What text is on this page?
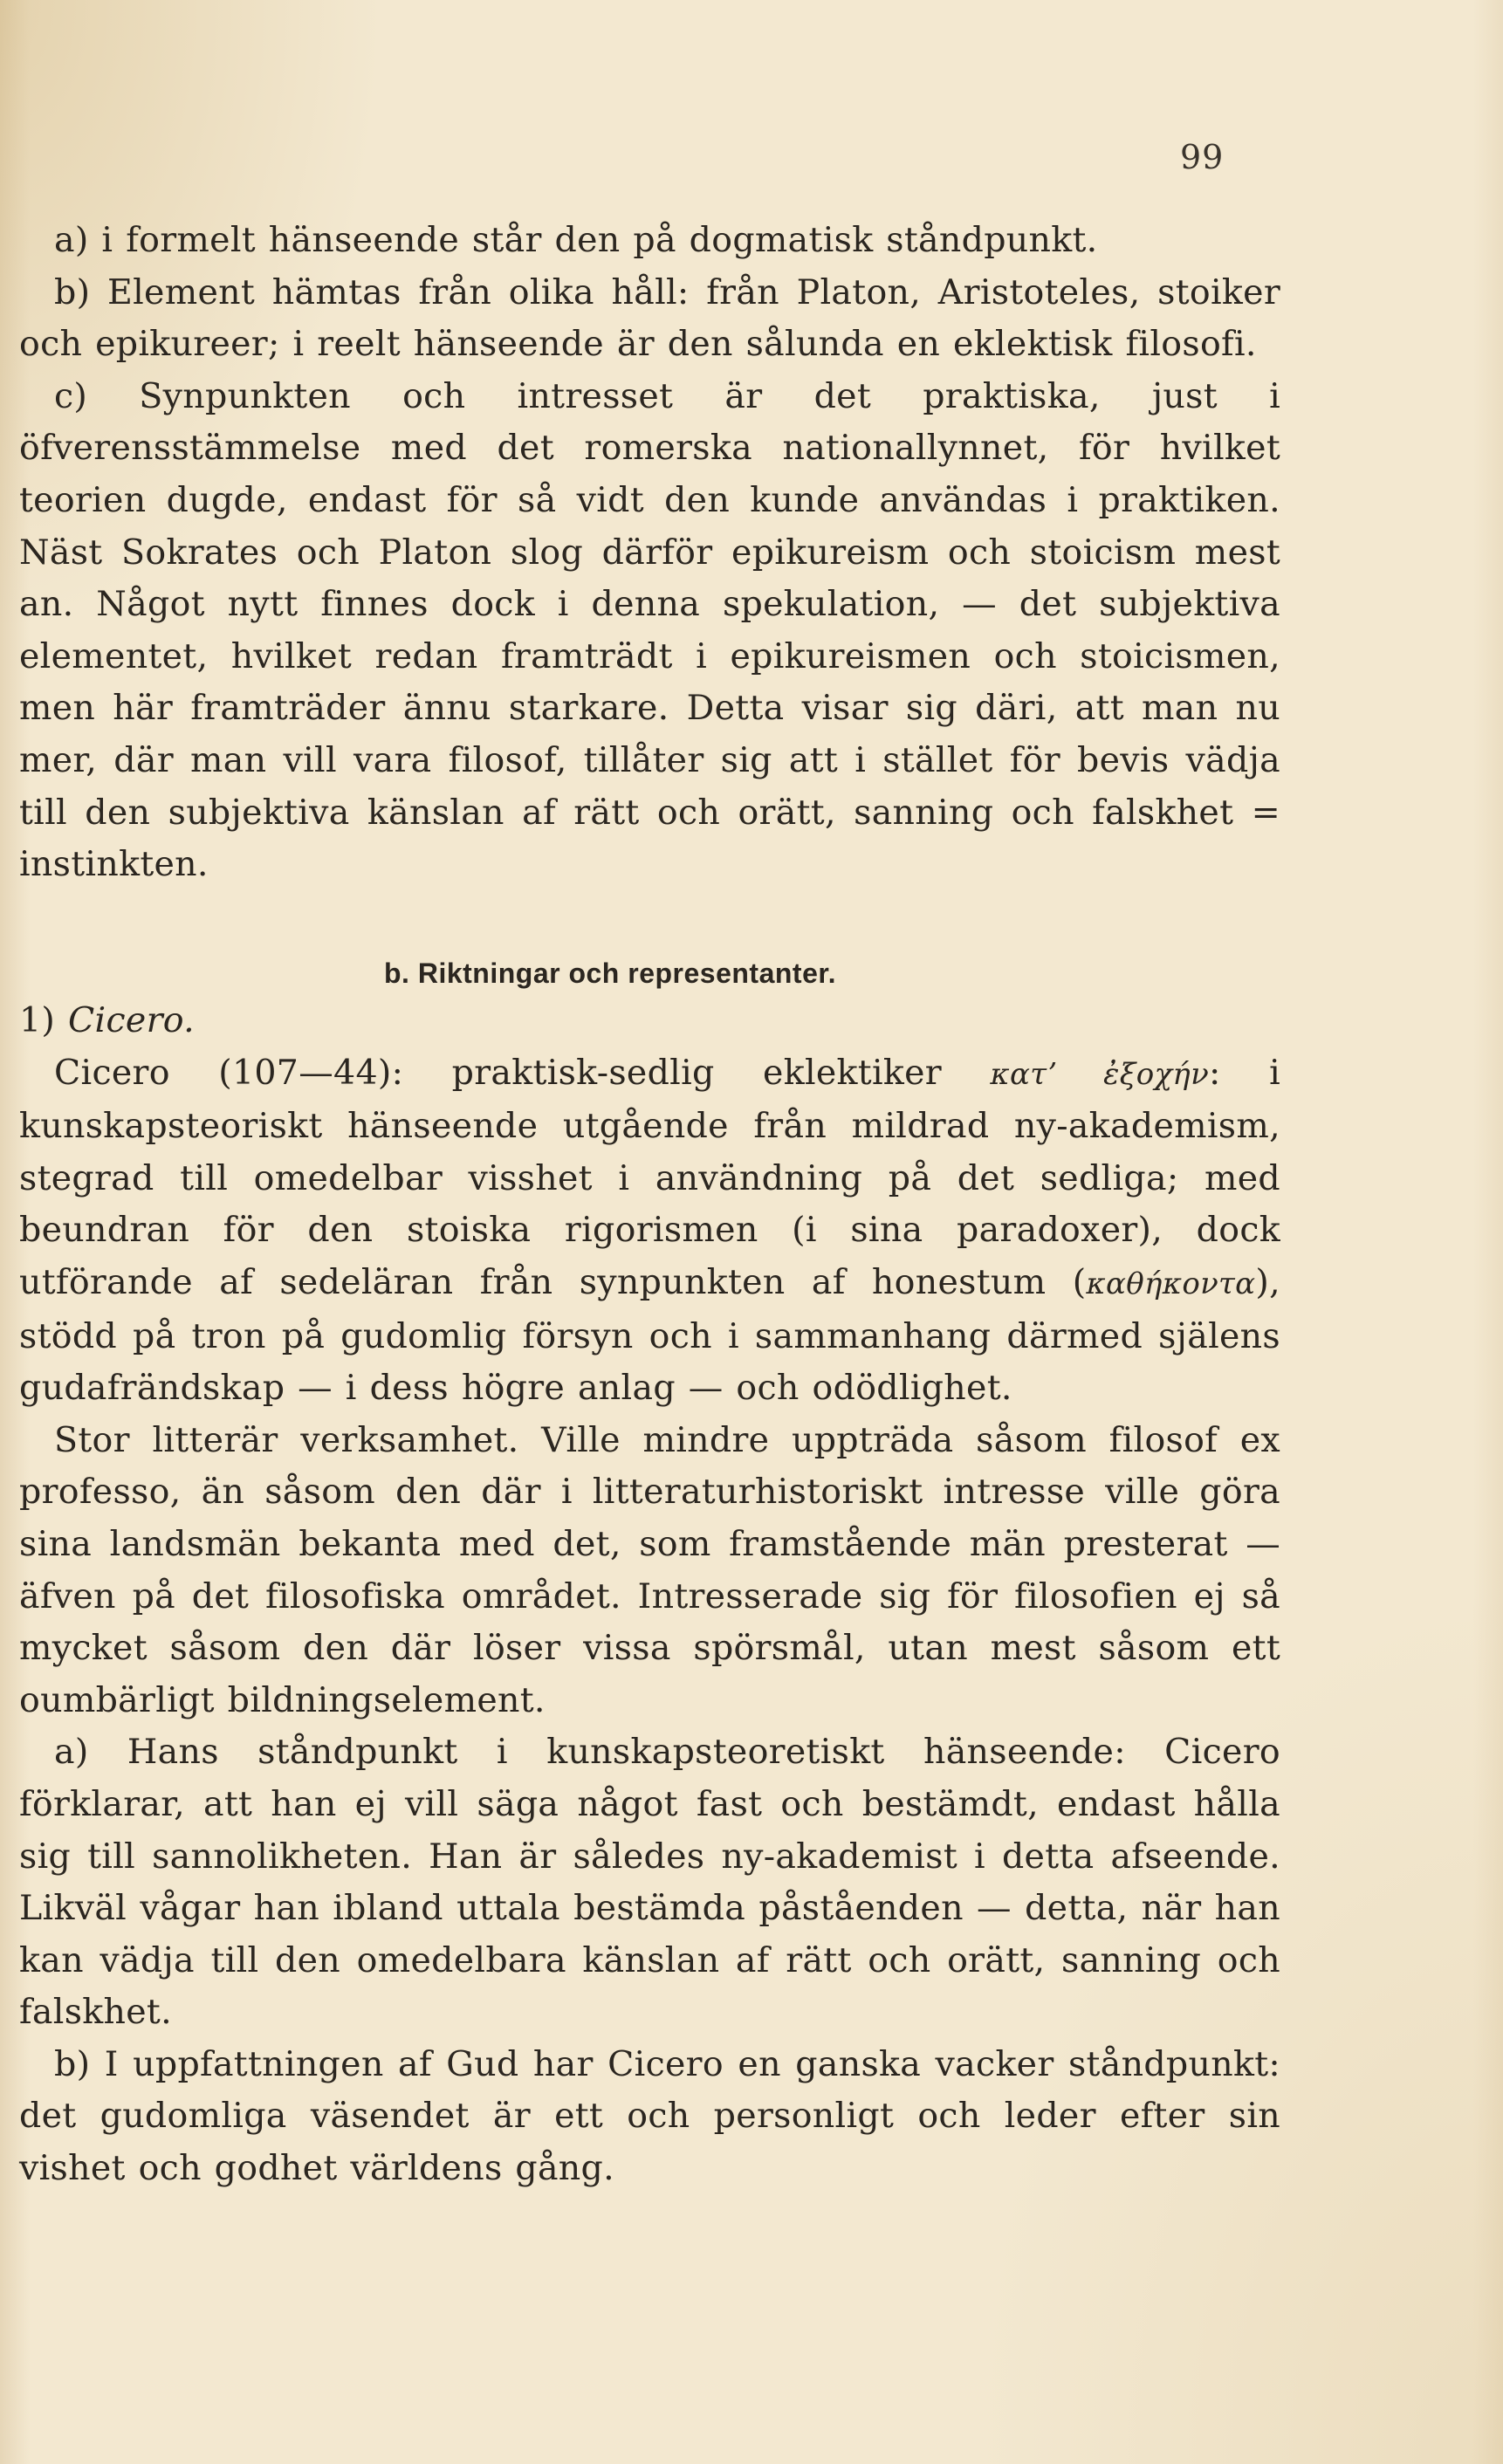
99

a) i formelt hänseende står den på dogmatisk ståndpunkt.

b) Element hämtas från olika håll: från Platon, Aristoteles, stoiker och epikureer; i reelt hänseende är den sålunda en eklektisk filosofi.

c) Synpunkten och intresset är det praktiska, just i öfverensstämmelse med det romerska nationallynnet, för hvilket teorien dugde, endast för så vidt den kunde användas i praktiken. Näst Sokrates och Platon slog därför epikureism och stoicism mest an. Något nytt finnes dock i denna spekulation, — det subjektiva elementet, hvilket redan framträdt i epikureismen och stoicismen, men här framträder ännu starkare. Detta visar sig däri, att man nu mer, där man vill vara filosof, tillåter sig att i stället för bevis vädja till den subjektiva känslan af rätt och orätt, sanning och falskhet = instinkten.

b. Riktningar och representanter.

1) Cicero.

Cicero (107—44): praktisk-sedlig eklektiker κατʼ ἐξοχήν: i kunskapsteoriskt hänseende utgående från mildrad ny-akademism, stegrad till omedelbar visshet i användning på det sedliga; med beundran för den stoiska rigorismen (i sina paradoxer), dock utförande af sedeläran från synpunkten af honestum (καθήκοντα), stödd på tron på gudomlig försyn och i sammanhang därmed själens gudafrändskap — i dess högre anlag — och odödlighet.

Stor litterär verksamhet. Ville mindre uppträda såsom filosof ex professo, än såsom den där i litteraturhistoriskt intresse ville göra sina landsmän bekanta med det, som framstående män presterat — äfven på det filosofiska området. Intresserade sig för filosofien ej så mycket såsom den där löser vissa spörsmål, utan mest såsom ett oumbärligt bildningselement.

a) Hans ståndpunkt i kunskapsteoretiskt hänseende: Cicero förklarar, att han ej vill säga något fast och bestämdt, endast hålla sig till sannolikheten. Han är således ny-akademist i detta afseende. Likväl vågar han ibland uttala bestämda påståenden — detta, när han kan vädja till den omedelbara känslan af rätt och orätt, sanning och falskhet.

b) I uppfattningen af Gud har Cicero en ganska vacker ståndpunkt: det gudomliga väsendet är ett och personligt och leder efter sin vishet och godhet världens gång.
